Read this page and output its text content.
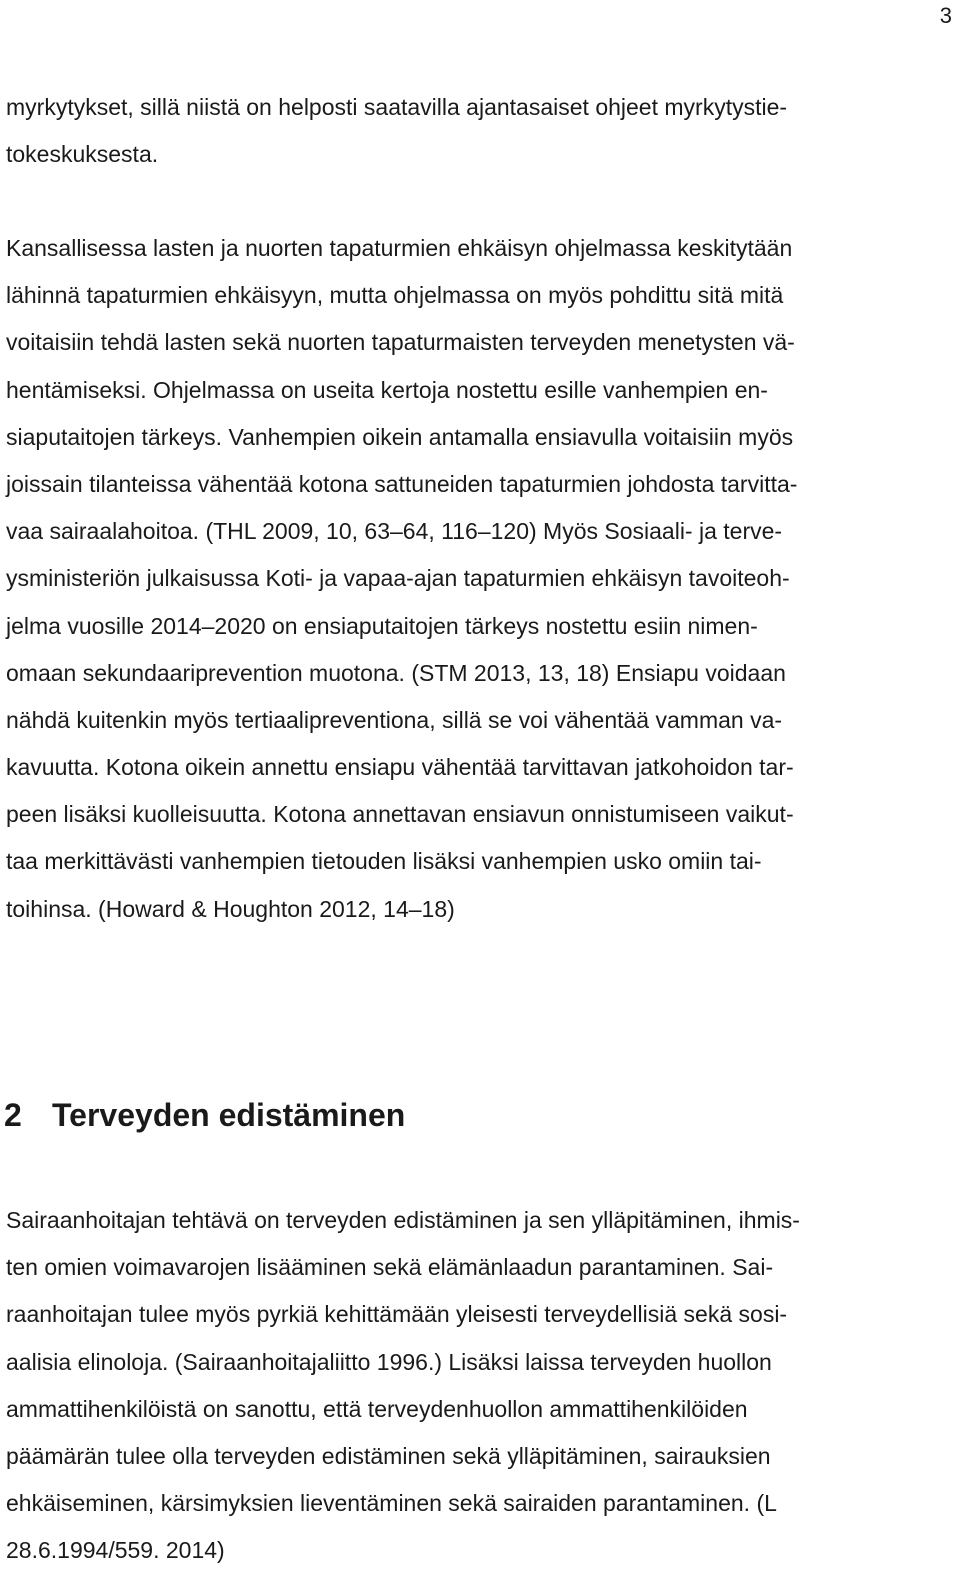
3

myrkytykset, sillä niistä on helposti saatavilla ajantasaiset ohjeet myrkytystie-
tokeskuksesta.

Kansallisessa lasten ja nuorten tapaturmien ehkäisyn ohjelmassa keskitytään
lähinnä tapaturmien ehkäisyyn, mutta ohjelmassa on myös pohdittu sitä mitä
voitaisiin tehdä lasten sekä nuorten tapaturmaisten terveyden menetysten vä-
hentämiseksi. Ohjelmassa on useita kertoja nostettu esille vanhempien en-
siaputaitojen tärkeys. Vanhempien oikein antamalla ensiavulla voitaisiin myös
joissain tilanteissa vähentää kotona sattuneiden tapaturmien johdosta tarvitta-
vaa sairaalahoitoa. (THL 2009, 10, 63–64, 116–120) Myös Sosiaali- ja terve-
ysministeriön julkaisussa Koti- ja vapaa-ajan tapaturmien ehkäisyn tavoiteoh-
jelma vuosille 2014–2020 on ensiaputaitojen tärkeys nostettu esiin nimen-
omaan sekundaariprevention muotona. (STM 2013, 13, 18) Ensiapu voidaan
nähdä kuitenkin myös tertiaalipreventiona, sillä se voi vähentää vamman va-
kavuutta. Kotona oikein annettu ensiapu vähentää tarvittavan jatkohoidon tar-
peen lisäksi kuolleisuutta. Kotona annettavan ensiavun onnistumiseen vaikut-
taa merkittävästi vanhempien tietouden lisäksi vanhempien usko omiin tai-
toihinsa. (Howard & Houghton 2012, 14–18)

2 Terveyden edistäminen

Sairaanhoitajan tehtävä on terveyden edistäminen ja sen ylläpitäminen, ihmis-
ten omien voimavarojen lisääminen sekä elämänlaadun parantaminen. Sai-
raanhoitajan tulee myös pyrkiä kehittämään yleisesti terveydellisiä sekä sosi-
aalisia elinoloja. (Sairaanhoitajaliitto 1996.) Lisäksi laissa terveyden huollon
ammattihenkilöistä on sanottu, että terveydenhuollon ammattihenkilöiden
päämärän tulee olla terveyden edistäminen sekä ylläpitäminen, sairauksien
ehkäiseminen, kärsimyksien lieventäminen sekä sairaiden parantaminen. (L
28.6.1994/559. 2014)
